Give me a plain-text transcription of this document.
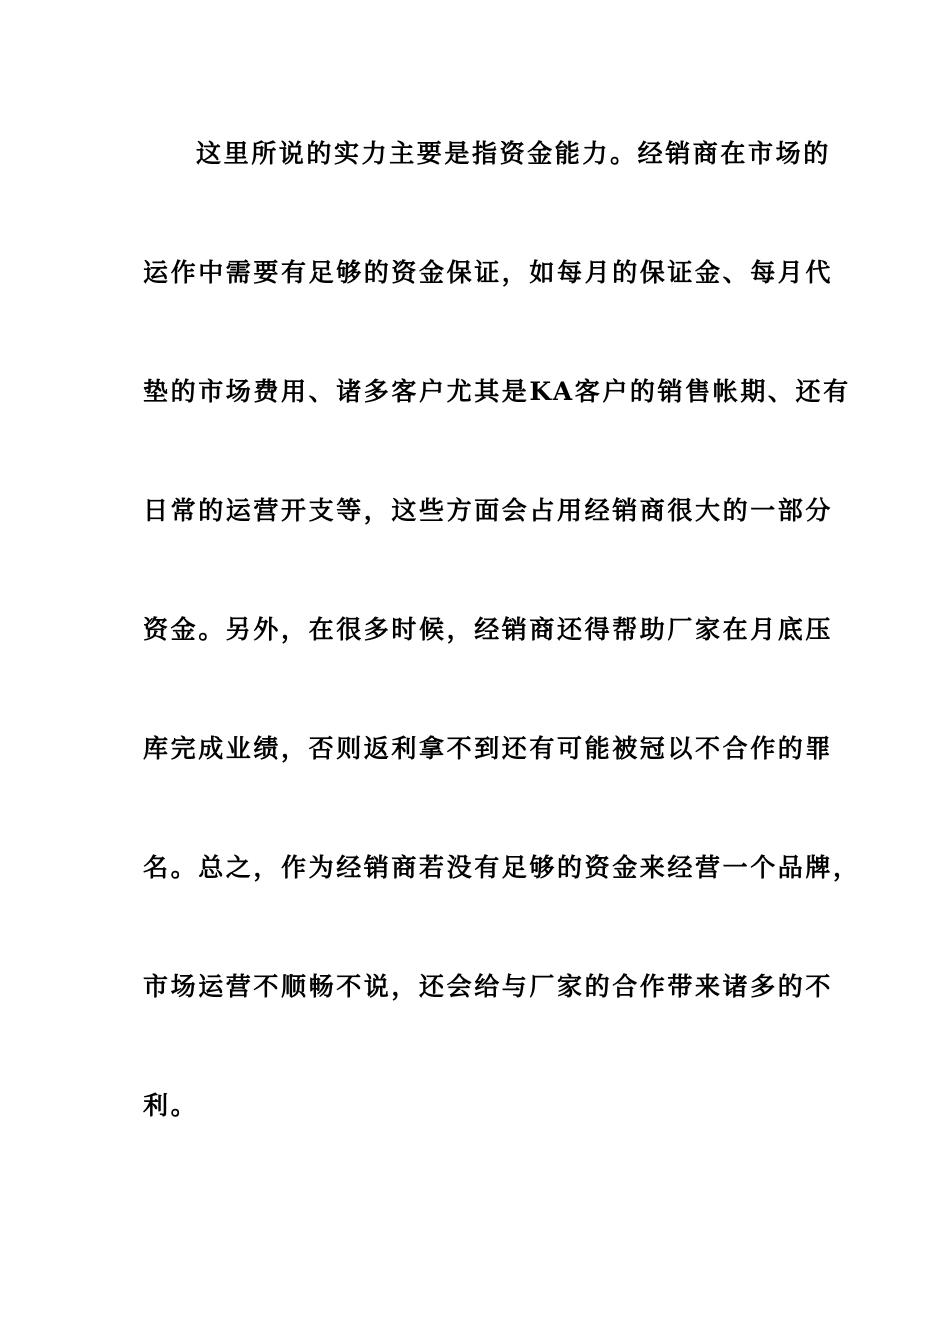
这里所说的实力主要是指资金能力。经销商在市场的
运作中需要有足够的资金保证，如每月的保证金、每月代
垫的市场费用、诸多客户尤其是KA客户的销售帐期、还有
日常的运营开支等，这些方面会占用经销商很大的一部分
资金。另外，在很多时候，经销商还得帮助厂家在月底压
库完成业绩，否则返利拿不到还有可能被冠以不合作的罪
名。总之，作为经销商若没有足够的资金来经营一个品牌，
市场运营不顺畅不说，还会给与厂家的合作带来诸多的不
利。
